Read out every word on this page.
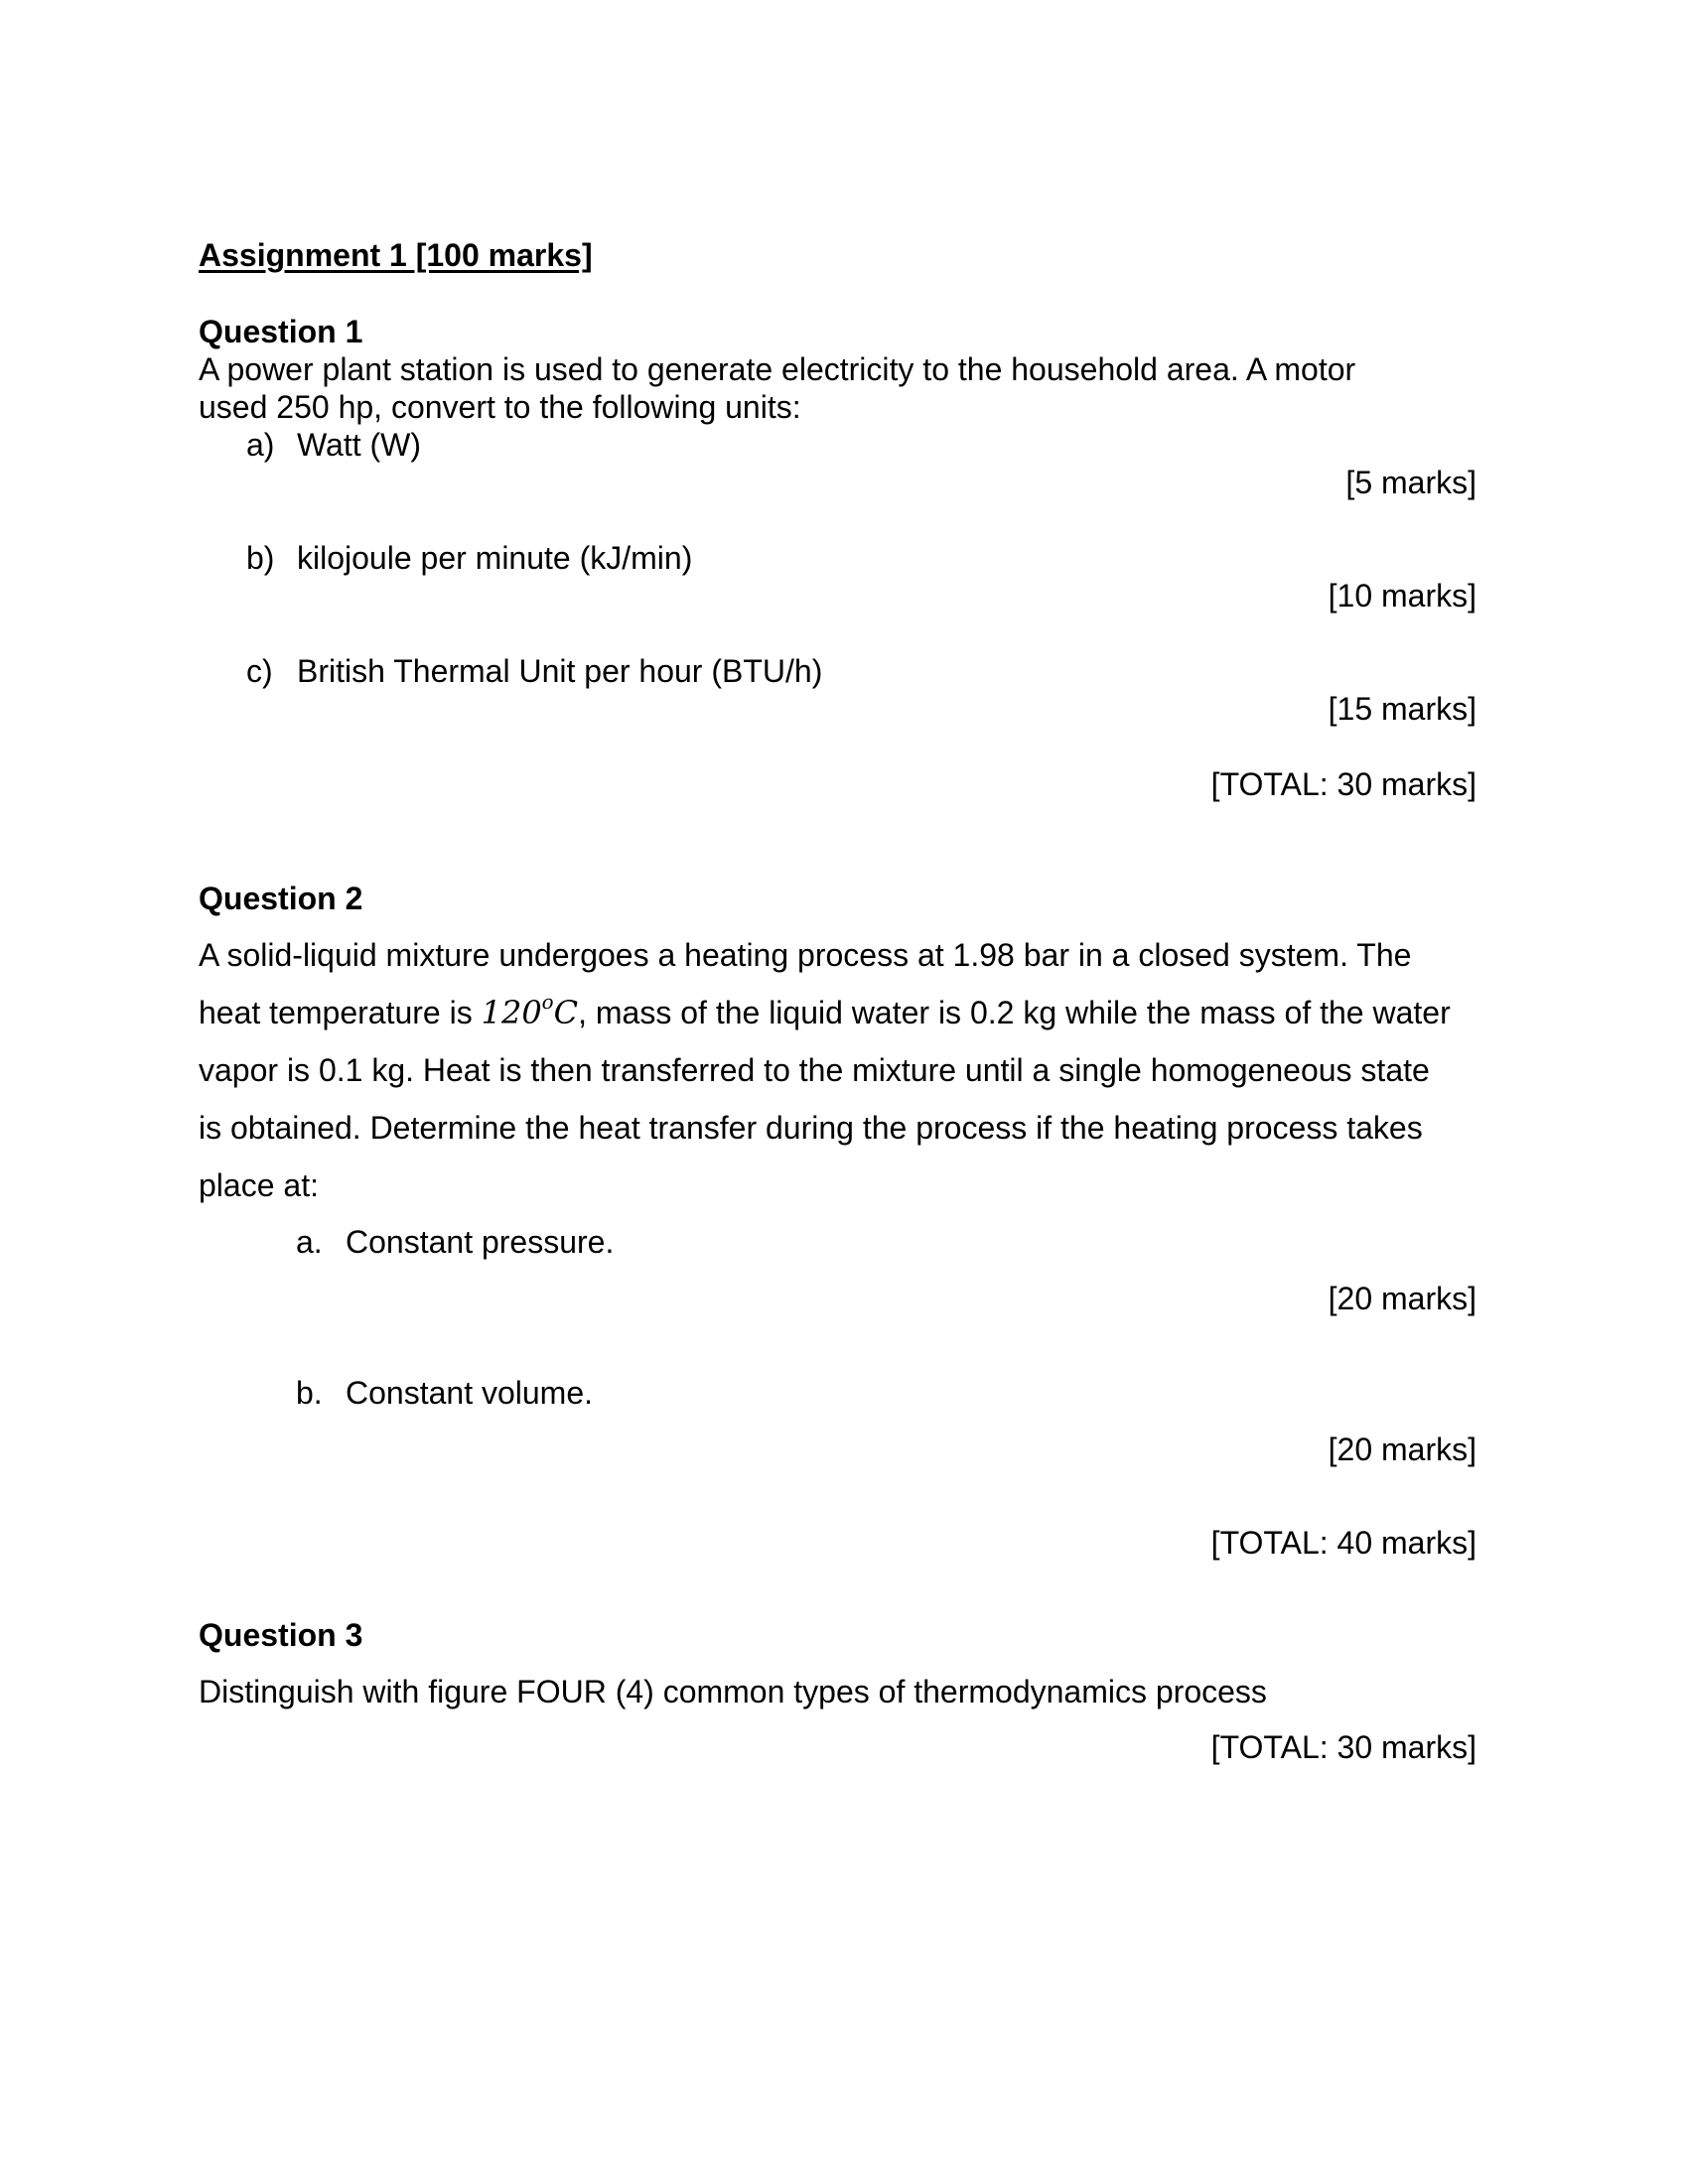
Assignment 1 [100 marks]
Question 1
A power plant station is used to generate electricity to the household area. A motor
used 250 hp, convert to the following units:
a) Watt (W)
[5 marks]
b) kilojoule per minute (kJ/min)
[10 marks]
c) British Thermal Unit per hour (BTU/h)
[15 marks]
[TOTAL: 30 marks]
Question 2
A solid-liquid mixture undergoes a heating process at 1.98 bar in a closed system. The
heat temperature is 120$^o$C, mass of the liquid water is 0.2 kg while the mass of the water
vapor is 0.1 kg. Heat is then transferred to the mixture until a single homogeneous state
is obtained. Determine the heat transfer during the process if the heating process takes
place at:
a. Constant pressure.
[20 marks]
b. Constant volume.
[20 marks]
[TOTAL: 40 marks]
Question 3
Distinguish with figure FOUR (4) common types of thermodynamics process
[TOTAL: 30 marks]
